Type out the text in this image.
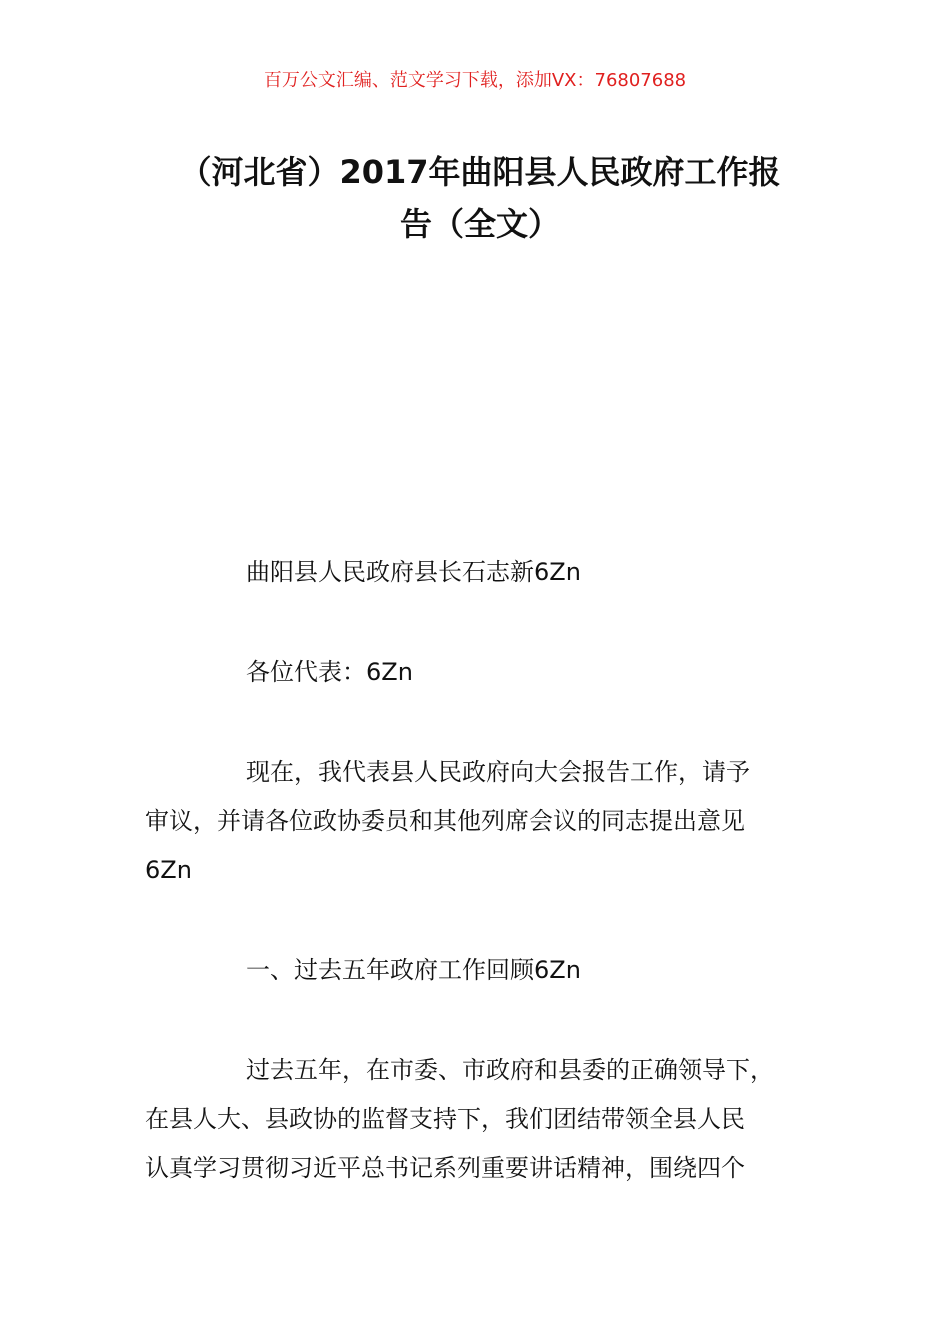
百万公文汇编、范文学习下载，添加VX：76807688
（河北省）2017年曲阳县人民政府工作报
告（全文）
曲阳县人民政府县长石志新6Zn
各位代表：6Zn
现在，我代表县人民政府向大会报告工作，请予
审议，并请各位政协委员和其他列席会议的同志提出意见
6Zn
一、过去五年政府工作回顾6Zn
过去五年，在市委、市政府和县委的正确领导下，
在县人大、县政协的监督支持下，我们团结带领全县人民
认真学习贯彻习近平总书记系列重要讲话精神，围绕四个
